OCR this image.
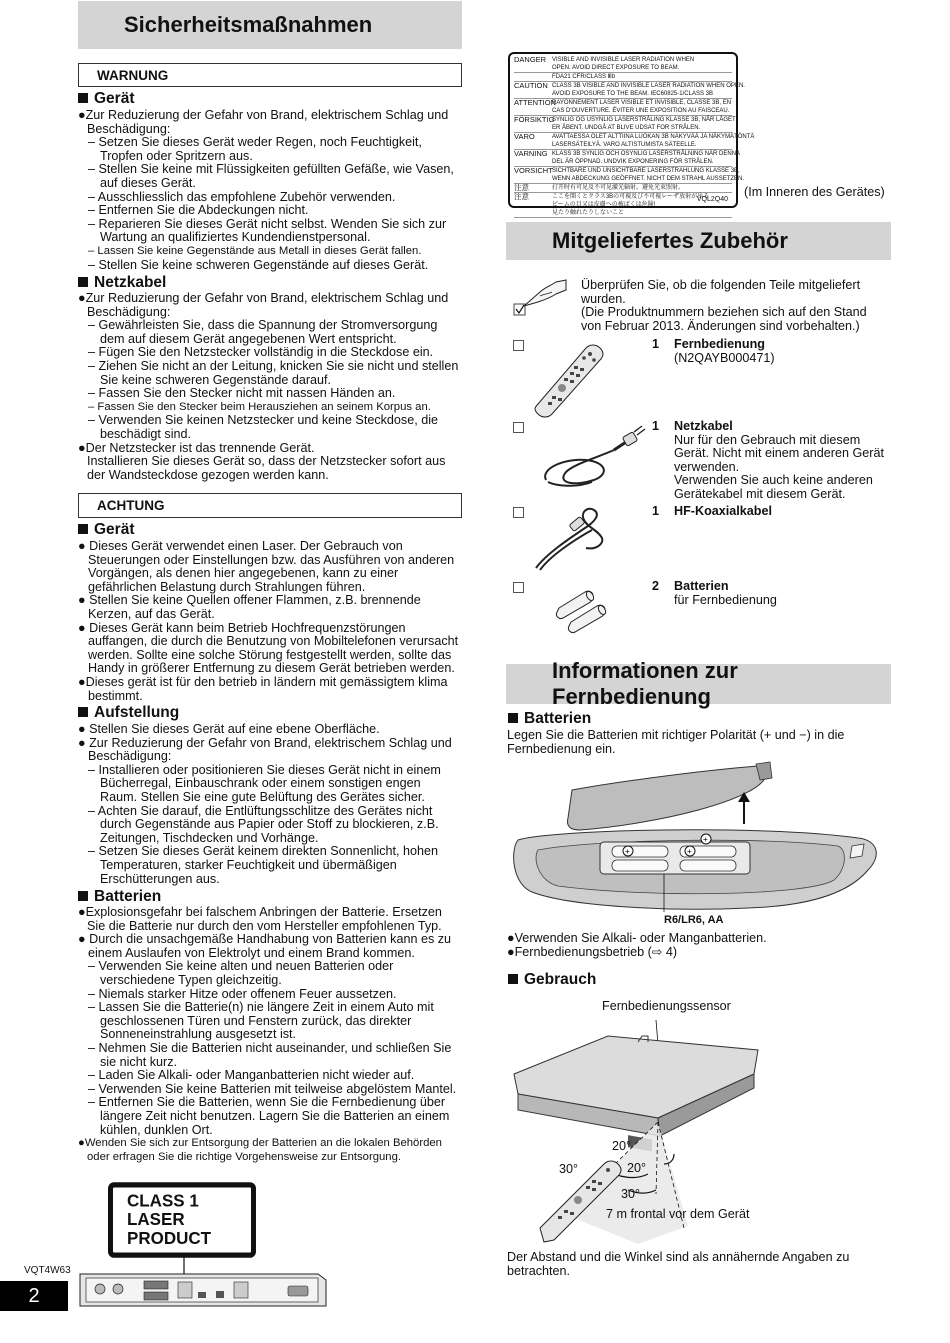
Sicherheitsmaßnahmen
WARNUNG
Gerät
●Zur Reduzierung der Gefahr von Brand, elektrischem Schlag und
Beschädigung:
– Setzen Sie dieses Gerät weder Regen, noch Feuchtigkeit,
Tropfen oder Spritzern aus.
– Stellen Sie keine mit Flüssigkeiten gefüllten Gefäße, wie Vasen,
auf dieses Gerät.
– Ausschliesslich das empfohlene Zubehör verwenden.
– Entfernen Sie die Abdeckungen nicht.
– Reparieren Sie dieses Gerät nicht selbst. Wenden Sie sich zur
Wartung an qualifiziertes Kundendienstpersonal.
– Lassen Sie keine Gegenstände aus Metall in dieses Gerät fallen.
– Stellen Sie keine schweren Gegenstände auf dieses Gerät.
Netzkabel
●Zur Reduzierung der Gefahr von Brand, elektrischem Schlag und
Beschädigung:
– Gewährleisten Sie, dass die Spannung der Stromversorgung
dem auf diesem Gerät angegebenen Wert entspricht.
– Fügen Sie den Netzstecker vollständig in die Steckdose ein.
– Ziehen Sie nicht an der Leitung, knicken Sie sie nicht und stellen
Sie keine schweren Gegenstände darauf.
– Fassen Sie den Stecker nicht mit nassen Händen an.
– Fassen Sie den Stecker beim Herausziehen an seinem Korpus an.
– Verwenden Sie keinen Netzstecker und keine Steckdose, die
beschädigt sind.
●Der Netzstecker ist das trennende Gerät.
Installieren Sie dieses Gerät so, dass der Netzstecker sofort aus
der Wandsteckdose gezogen werden kann.
ACHTUNG
Gerät
● Dieses Gerät verwendet einen Laser. Der Gebrauch von
Steuerungen oder Einstellungen bzw. das Ausführen von anderen
Vorgängen, als denen hier angegebenen, kann zu einer
gefährlichen Belastung durch Strahlungen führen.
● Stellen Sie keine Quellen offener Flammen, z.B. brennende
Kerzen, auf das Gerät.
● Dieses Gerät kann beim Betrieb Hochfrequenzstörungen
auffangen, die durch die Benutzung von Mobiltelefonen verursacht
werden. Sollte eine solche Störung festgestellt werden, sollte das
Handy in größerer Entfernung zu diesem Gerät betrieben werden.
●Dieses gerät ist für den betrieb in ländern mit gemässigtem klima
bestimmt.
Aufstellung
● Stellen Sie dieses Gerät auf eine ebene Oberfläche.
● Zur Reduzierung der Gefahr von Brand, elektrischem Schlag und
Beschädigung:
– Installieren oder positionieren Sie dieses Gerät nicht in einem
Bücherregal, Einbauschrank oder einem sonstigen engen
Raum. Stellen Sie eine gute Belüftung des Gerätes sicher.
– Achten Sie darauf, die Entlüftungsschlitze des Gerätes nicht
durch Gegenstände aus Papier oder Stoff zu blockieren, z.B.
Zeitungen, Tischdecken und Vorhänge.
– Setzen Sie dieses Gerät keinem direkten Sonnenlicht, hohen
Temperaturen, starker Feuchtigkeit und übermäßigen
Erschütterungen aus.
Batterien
●Explosionsgefahr bei falschem Anbringen der Batterie. Ersetzen
Sie die Batterie nur durch den vom Hersteller empfohlenen Typ.
● Durch die unsachgemäße Handhabung von Batterien kann es zu
einem Auslaufen von Elektrolyt und einem Brand kommen.
– Verwenden Sie keine alten und neuen Batterien oder
verschiedene Typen gleichzeitig.
– Niemals starker Hitze oder offenem Feuer aussetzen.
– Lassen Sie die Batterie(n) nie längere Zeit in einem Auto mit
geschlossenen Türen und Fenstern zurück, das direkter
Sonneneinstrahlung ausgesetzt ist.
– Nehmen Sie die Batterien nicht auseinander, und schließen Sie
sie nicht kurz.
– Laden Sie Alkali- oder Manganbatterien nicht wieder auf.
– Verwenden Sie keine Batterien mit teilweise abgelöstem Mantel.
– Entfernen Sie die Batterien, wenn Sie die Fernbedienung über
längere Zeit nicht benutzen. Lagern Sie die Batterien an einem
kühlen, dunklen Ort.
●Wenden Sie sich zur Entsorgung der Batterien an die lokalen Behörden
oder erfragen Sie die richtige Vorgehensweise zur Entsorgung.
CLASS 1
LASER PRODUCT
VQT4W63
2
DANGER VISIBLE AND INVISIBLE LASER RADIATION WHEN
OPEN. AVOID DIRECT EXPOSURE TO BEAM.
FDA21 CFR/CLASS Ⅲb
CAUTION CLASS 3B VISIBLE AND INVISIBLE LASER RADIATION WHEN OPEN.
AVOID EXPOSURE TO THE BEAM. IEC60825-1/CLASS 3B
ATTENTION
RAYONNEMENT LASER VISIBLE ET INVISIBLE, CLASSE 3B, EN
CAS D'OUVERTURE. ÉVITER UNE EXPOSITION AU FAISCEAU.
FÖRSIKTIG
SYNLIG OG USYNLIG LASERSTRÅLING KLASSE 3B, NÅR LÅGET
ER ÅBENT. UNDGÅ AT BLIVE UDSAT FOR STRÅLEN.
VARO	AVATTAESSA OLET ALTTIINA LUOKAN 3B NÄKYVÄÄ JA NÄKYMÄTÖNTÄ
LASERSÄTEILYÄ. VARO ALTISTUMISTA SÄTEELLE.
VARNING KLASS 3B SYNLIG OCH OSYNLIG LASERSTRÅLNING NÄR DENNA
DEL ÄR ÖPPNAD. UNDVIK EXPONERING FÖR STRÅLEN.
VORSICHT SICHTBARE UND UNSICHTBARE LASERSTRAHLUNG KLASSE 3B,
WENN ABDECKUNG GEÖFFNET. NICHT DEM STRAHL AUSSETZEN.
注意	打开时有可见及不可见激光辐射。避免光束照射。
注意	ここを開くとクラス3Bの可視及び不可視レーザ放射が出る
ビームの目又は皮膚への被ばくは危険!
見たり触れたりしないこと
VQL2Q40
(Im Inneren des Gerätes)
Mitgeliefertes Zubehör
Überprüfen Sie, ob die folgenden Teile mitgeliefert
wurden.
(Die Produktnummern beziehen sich auf den Stand
von Februar 2013. Änderungen sind vorbehalten.)
1	Fernbedienung
(N2QAYB000471)
1	Netzkabel
Nur für den Gebrauch mit diesem
Gerät. Nicht mit einem anderen Gerät
verwenden.
Verwenden Sie auch keine anderen
Gerätekabel mit diesem Gerät.
1	HF-Koaxialkabel
2	Batterien
für Fernbedienung
Informationen zur Fernbedienung
Batterien
Legen Sie die Batterien mit richtiger Polarität (+ und −) in die
Fernbedienung ein.
+	+
+
R6/LR6, AA
●Verwenden Sie Alkali- oder Manganbatterien.
●Fernbedienungsbetrieb (⇨ 4)
Gebrauch
Fernbedienungssensor
20°
30°	20°
30°
7 m frontal vor dem Gerät
Der Abstand und die Winkel sind als annähernde Angaben zu
betrachten.
